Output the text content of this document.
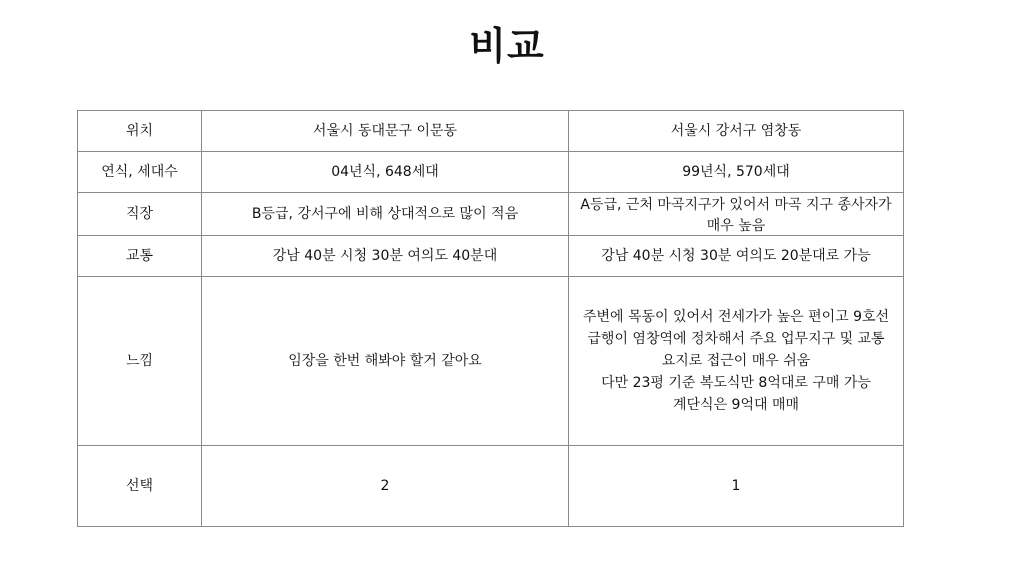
비교
위치	서울시 동대문구 이문동	서울시 강서구 염창동
연식, 세대수	04년식, 648세대	99년식, 570세대
직장	B등급, 강서구에 비해 상대적으로 많이 적음	A등급, 근처 마곡지구가 있어서 마곡 지구 종사자가 매우 높음

교통	강남 40분 시청 30분 여의도 40분대	강남 40분 시청 30분 여의도 20분대로 가능
느낌	임장을 한번 해봐야 할거 같아요	주변에 목동이 있어서 전세가가 높은 편이고 9호선
급행이 염창역에 정차해서 주요 업무지구 및 교통
요지로 접근이 매우 쉬움
다만 23평 기준 복도식만 8억대로 구매 가능
계단식은 9억대 매매

선택	2	1
